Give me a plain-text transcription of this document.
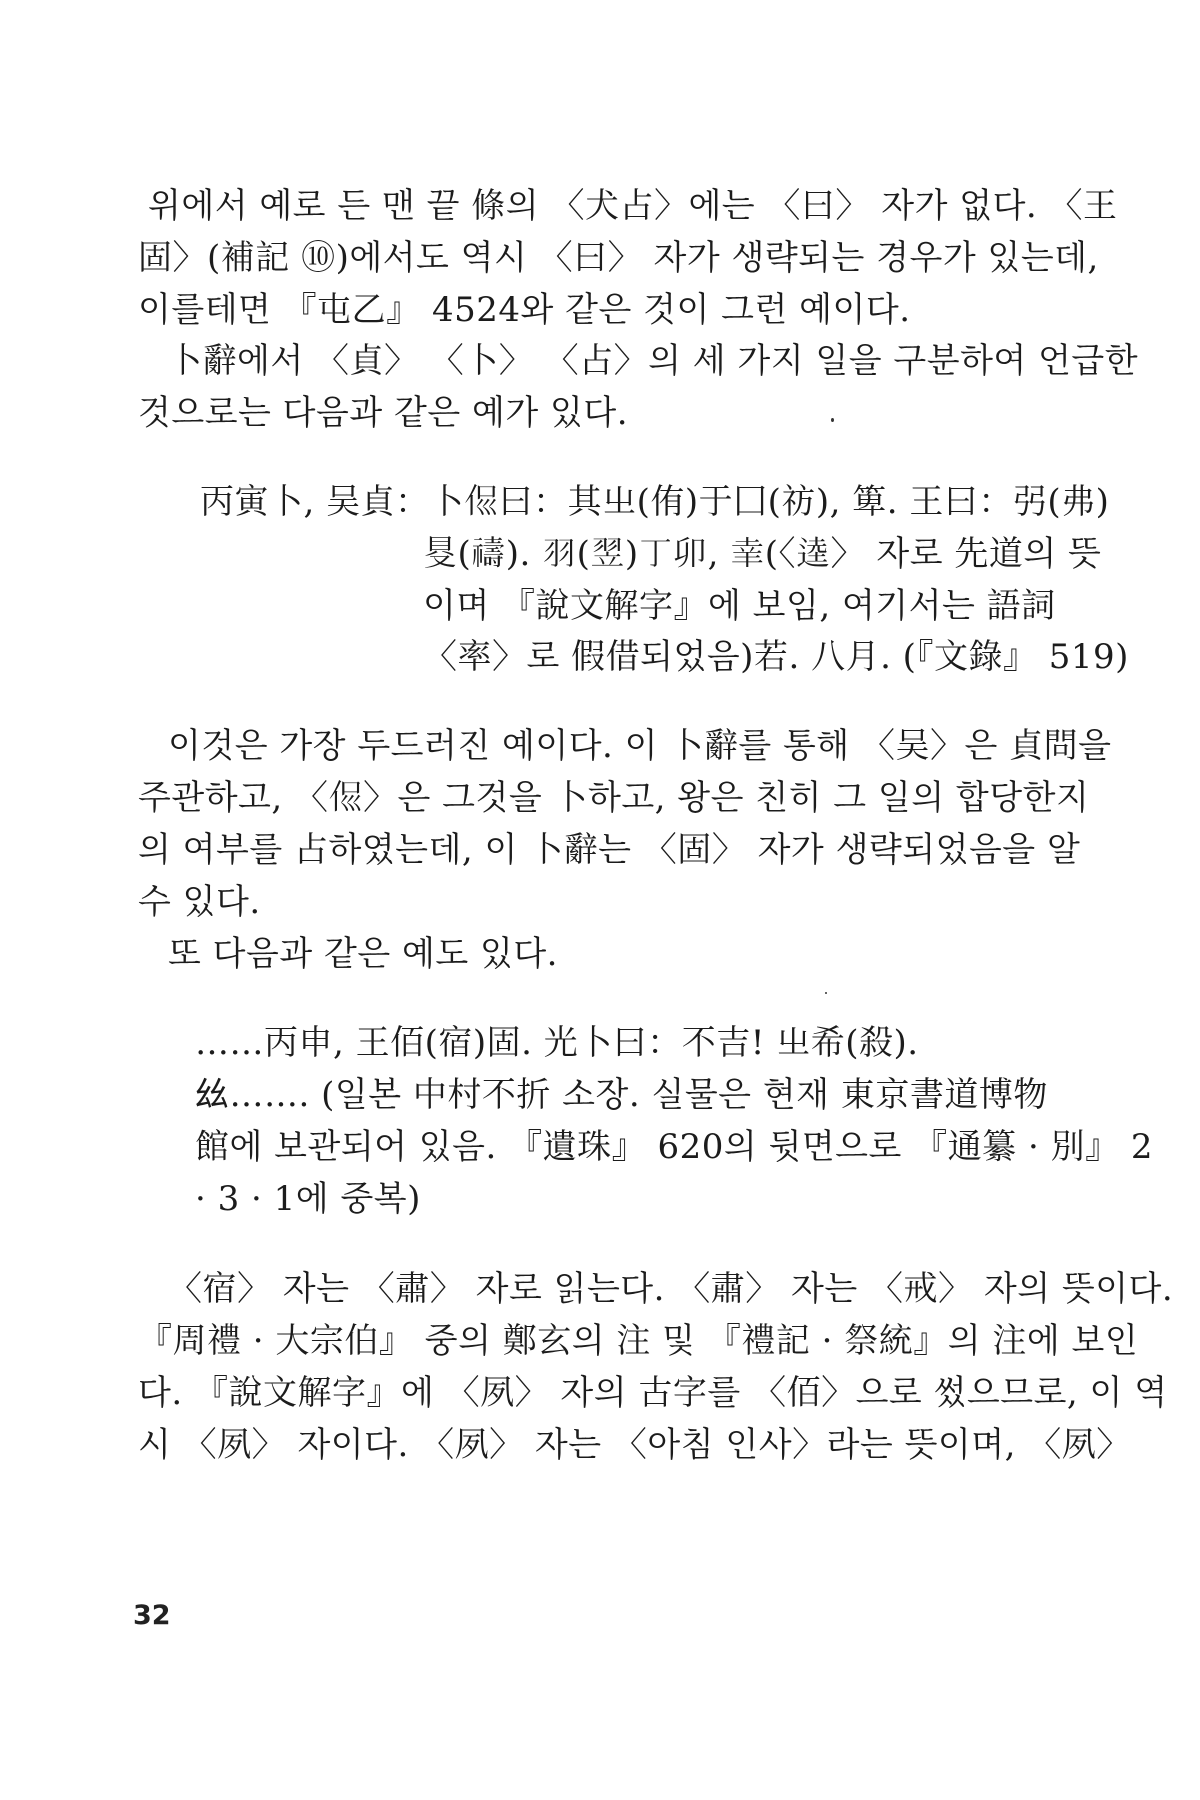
위에서 예로 든 맨 끝 條의 〈犬占〉에는 〈曰〉 자가 없다. 〈王
固〉(補記 ⑩)에서도 역시 〈曰〉 자가 생략되는 경우가 있는데,
이를테면 『屯乙』 4524와 같은 것이 그런 예이다.
卜辭에서 〈貞〉 〈卜〉 〈占〉의 세 가지 일을 구분하여 언급한
것으로는 다음과 같은 예가 있다.
丙寅卜, 吴貞：卜𠈉曰：其㞢(侑)于囗(祊), 箄. 王曰：弜(弗)
𠭁(禱). 羽(翌)丁卯, 𦍒(〈逵〉 자로 先道의 뜻
이며 『說文解字』에 보임, 여기서는 語詞
〈率〉로 假借되었음)若. 八月. (『文錄』 519)
이것은 가장 두드러진 예이다. 이 卜辭를 통해 〈吴〉은 貞問을
주관하고, 〈𠈉〉은 그것을 卜하고, 왕은 친히 그 일의 합당한지
의 여부를 占하였는데, 이 卜辭는 〈固〉 자가 생략되었음을 알
수 있다.
또 다음과 같은 예도 있다.
……丙申, 王佰(宿)固. 光卜曰：不吉! 㞢希(殺).
𢆶……. (일본 中村不折 소장. 실물은 현재 東京書道博物
館에 보관되어 있음. 『遺珠』 620의 뒷면으로 『通纂 · 別』 2
· 3 · 1에 중복)
〈宿〉 자는 〈肅〉 자로 읽는다. 〈肅〉 자는 〈戒〉 자의 뜻이다.
『周禮 · 大宗伯』 중의 鄭玄의 注 및 『禮記 · 祭統』의 注에 보인
다. 『說文解字』에 〈夙〉 자의 古字를 〈佰〉으로 썼으므로, 이 역
시 〈夙〉 자이다. 〈夙〉 자는 〈아침 인사〉라는 뜻이며, 〈夙〉
32
